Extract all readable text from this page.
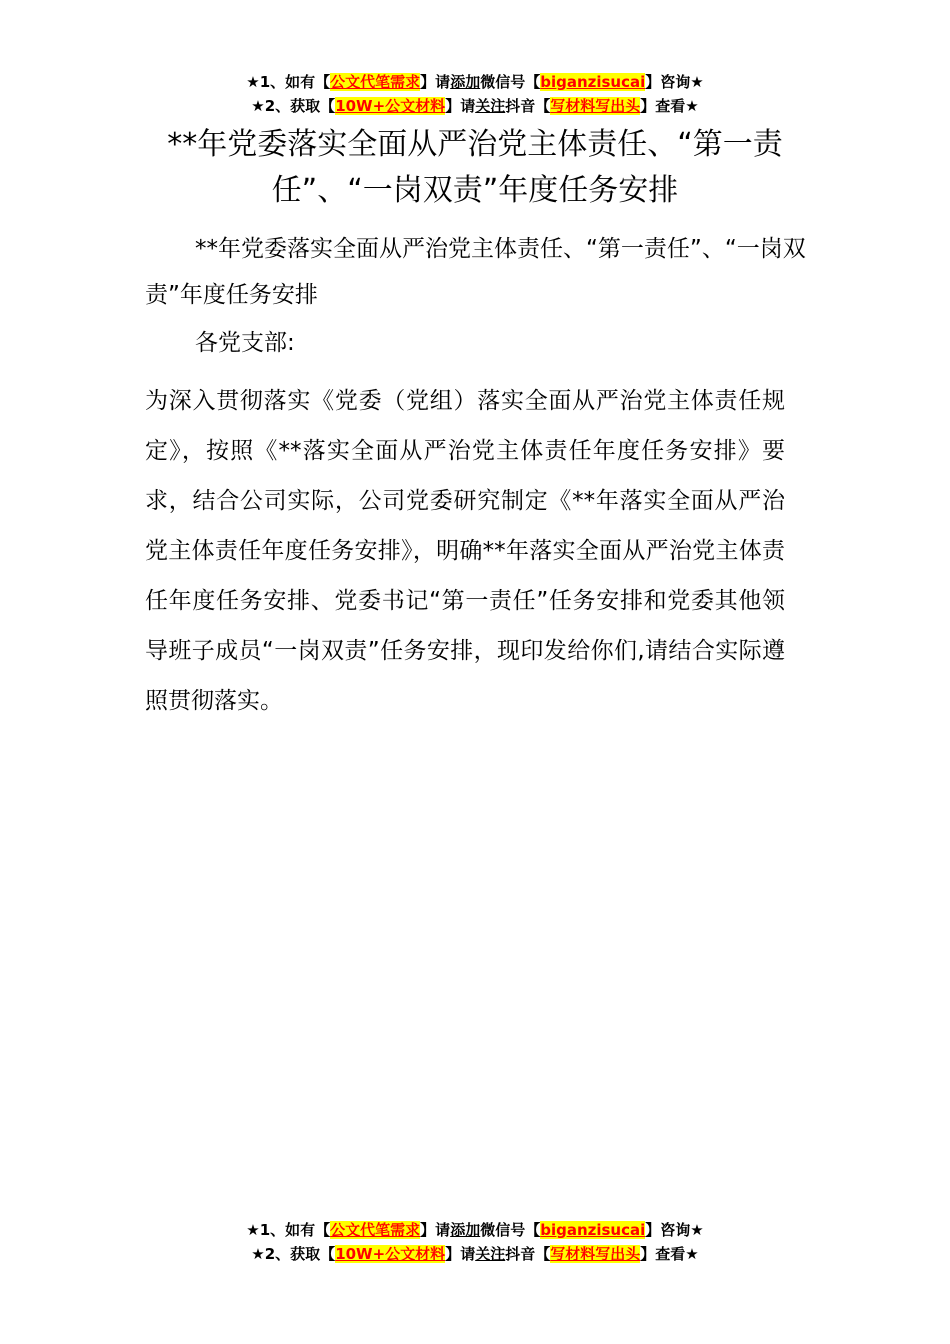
★1、如有【公文代笔需求】请添加微信号【biganzisucai】咨询★
★2、获取【10W+公文材料】请关注抖音【写材料写出头】查看★
**年党委落实全面从严治党主体责任、“第一责任”、“一岗双责”年度任务安排
**年党委落实全面从严治党主体责任、“第一责任”、“一岗双责”年度任务安排
各党支部:
为深入贯彻落实《党委（党组）落实全面从严治党主体责任规定》，按照《**落实全面从严治党主体责任年度任务安排》要求，结合公司实际，公司党委研究制定《**年落实全面从严治党主体责任年度任务安排》，明确**年落实全面从严治党主体责任年度任务安排、党委书记“第一责任”任务安排和党委其他领导班子成员“一岗双责”任务安排，现印发给你们,请结合实际遵照贯彻落实。
★1、如有【公文代笔需求】请添加微信号【biganzisucai】咨询★
★2、获取【10W+公文材料】请关注抖音【写材料写出头】查看★
